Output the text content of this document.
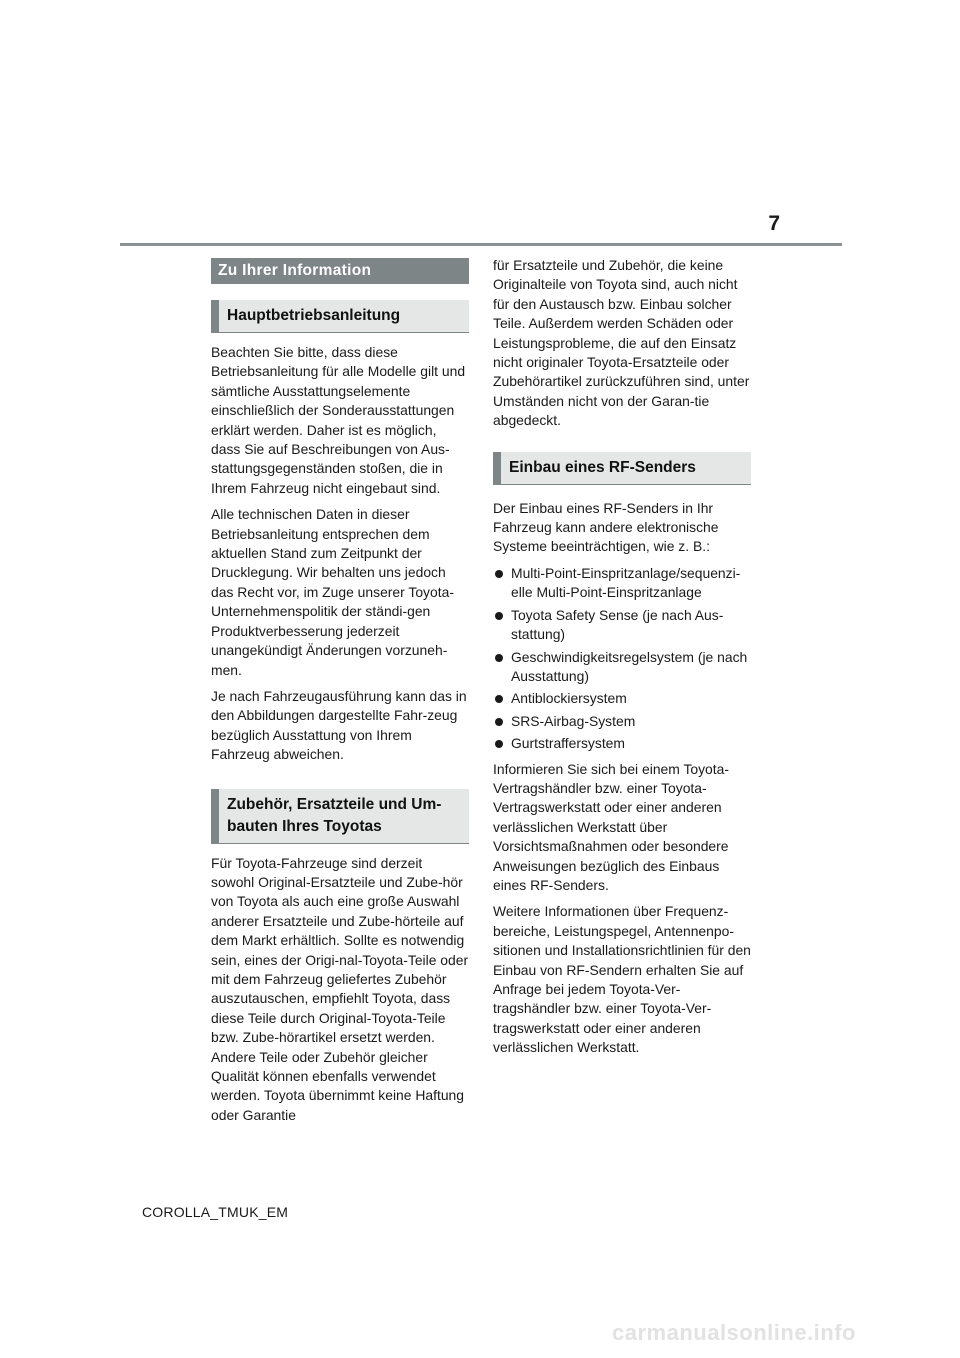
7
Zu Ihrer Information
Hauptbetriebsanleitung

Beachten Sie bitte, dass diese Betriebsanleitung für alle Modelle gilt und sämtliche Ausstattungselemente einschließlich der Sonderausstattungen erklärt werden. Daher ist es möglich, dass Sie auf Beschreibungen von Aus-stattungsgegenständen stoßen, die in Ihrem Fahrzeug nicht eingebaut sind.

Alle technischen Daten in dieser Betriebsanleitung entsprechen dem aktuellen Stand zum Zeitpunkt der Drucklegung. Wir behalten uns jedoch das Recht vor, im Zuge unserer Toyota-Unternehmenspolitik der ständi-gen Produktverbesserung jederzeit unangekündigt Änderungen vorzuneh-men.

Je nach Fahrzeugausführung kann das in den Abbildungen dargestellte Fahr-zeug bezüglich Ausstattung von Ihrem Fahrzeug abweichen.

Zubehör, Ersatzteile und Um-bauten Ihres Toyotas

Für Toyota-Fahrzeuge sind derzeit sowohl Original-Ersatzteile und Zube-hör von Toyota als auch eine große Auswahl anderer Ersatzteile und Zube-hörteile auf dem Markt erhältlich. Sollte es notwendig sein, eines der Origi-nal-Toyota-Teile oder mit dem Fahrzeug geliefertes Zubehör auszutauschen, empfiehlt Toyota, dass diese Teile durch Original-Toyota-Teile bzw. Zube-hörartikel ersetzt werden. Andere Teile oder Zubehör gleicher Qualität können ebenfalls verwendet werden. Toyota übernimmt keine Haftung oder Garantie

für Ersatzteile und Zubehör, die keine Originalteile von Toyota sind, auch nicht für den Austausch bzw. Einbau solcher Teile. Außerdem werden Schäden oder Leistungsprobleme, die auf den Einsatz nicht originaler Toyota-Ersatzteile oder Zubehörartikel zurückzuführen sind, unter Umständen nicht von der Garan-tie abgedeckt.

Einbau eines RF-Senders

Der Einbau eines RF-Senders in Ihr Fahrzeug kann andere elektronische Systeme beeinträchtigen, wie z. B.:

Multi-Point-Einspritzanlage/sequenzi-elle Multi-Point-Einspritzanlage
Toyota Safety Sense (je nach Aus-stattung)
Geschwindigkeitsregelsystem (je nach Ausstattung)
Antiblockiersystem
SRS-Airbag-System
Gurtstraffersystem

Informieren Sie sich bei einem Toyota-Vertragshändler bzw. einer Toyota-Vertragswerkstatt oder einer anderen verlässlichen Werkstatt über Vorsichtsmaßnahmen oder besondere Anweisungen bezüglich des Einbaus eines RF-Senders.

Weitere Informationen über Frequenz-bereiche, Leistungspegel, Antennenpo-sitionen und Installationsrichtlinien für den Einbau von RF-Sendern erhalten Sie auf Anfrage bei jedem Toyota-Ver-tragshändler bzw. einer Toyota-Ver-tragswerkstatt oder einer anderen verlässlichen Werkstatt.

COROLLA_TMUK_EM
carmanualsonline.info
